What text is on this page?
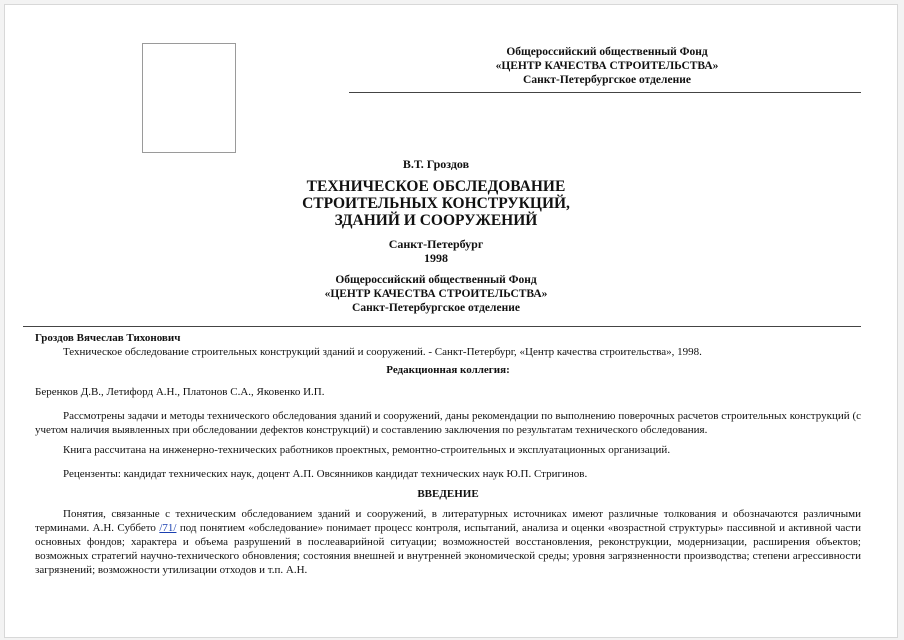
Общероссийский общественный Фонд
«ЦЕНТР КАЧЕСТВА СТРОИТЕЛЬСТВА»
Санкт-Петербургское отделение
В.Т. Гроздов
ТЕХНИЧЕСКОЕ ОБСЛЕДОВАНИЕ
СТРОИТЕЛЬНЫХ КОНСТРУКЦИЙ,
ЗДАНИЙ И СООРУЖЕНИЙ
Санкт-Петербург
1998
Общероссийский общественный Фонд
«ЦЕНТР КАЧЕСТВА СТРОИТЕЛЬСТВА»
Санкт-Петербургское отделение
Гроздов Вячеслав Тихонович
Техническое обследование строительных конструкций зданий и сооружений. - Санкт-Петербург, «Центр качества строительства», 1998.
Редакционная коллегия:
Беренков Д.В., Летифорд А.Н., Платонов С.А., Яковенко И.П.
Рассмотрены задачи и методы технического обследования зданий и сооружений, даны рекомендации по выполнению поверочных расчетов строительных конструкций (с учетом наличия выявленных при обследовании дефектов конструкций) и составлению заключения по результатам технического обследования.
Книга рассчитана на инженерно-технических работников проектных, ремонтно-строительных и эксплуатационных организаций.
Рецензенты: кандидат технических наук, доцент А.П. Овсянников кандидат технических наук Ю.П. Стригинов.
ВВЕДЕНИЕ
Понятия, связанные с техническим обследованием зданий и сооружений, в литературных источниках имеют различные толкования и обозначаются различными терминами. А.Н. Суббето /71/ под понятием «обследование» понимает процесс контроля, испытаний, анализа и оценки «возрастной структуры» пассивной и активной части основных фондов; характера и объема разрушений в послеаварийной ситуации; возможностей восстановления, реконструкции, модернизации, расширения объектов; возможных стратегий научно-технического обновления; состояния внешней и внутренней экономической среды; уровня загрязненности производства; степени агрессивности загрязнений; возможности утилизации отходов и т.п. А.Н.
